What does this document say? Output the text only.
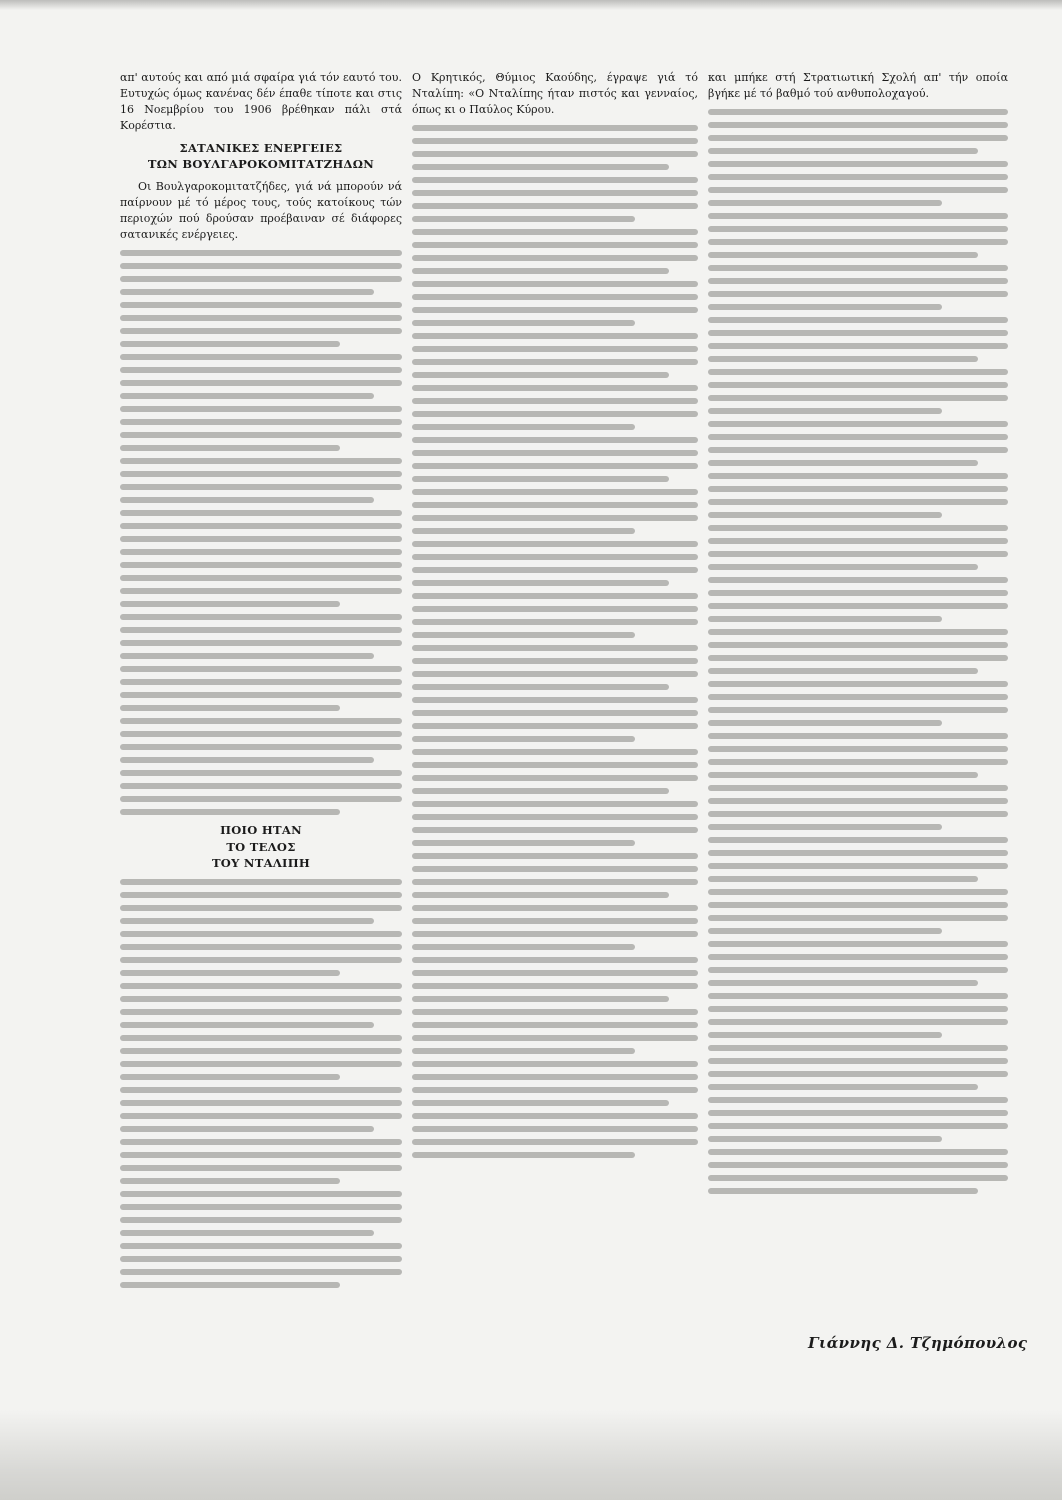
απ' αυτούς και από μιά σφαίρα γιά τόν εαυτό του. Ευτυχώς όμως κανένας δέν έπαθε τίποτε και στις 16 Νοεμβρίου του 1906 βρέθηκαν πάλι στά Κορέστια.

ΣΑΤΑΝΙΚΕΣ ΕΝΕΡΓΕΙΕΣ
ΤΩΝ ΒΟΥΛΓΑΡΟΚΟΜΙΤΑΤΖΗΔΩΝ

Οι Βουλγαροκομιτατζήδες, γιά νά μπορούν νά παίρνουν μέ τό μέρος τους, τούς κατοίκους τών περιοχών πού δρούσαν προέβαιναν σέ διάφορες σατανικές ενέργειες.

ΠΟΙΟ ΗΤΑΝ
ΤΟ ΤΕΛΟΣ
ΤΟΥ ΝΤΑΛΙΠΗ

Ο Κρητικός, Θύμιος Καούδης, έγραψε γιά τό Νταλίπη: «Ο Νταλίπης ήταν πιστός και γενναίος, όπως κι ο Παύλος Κύρου.

και μπήκε στή Στρατιωτική Σχολή απ' τήν οποία βγήκε μέ τό βαθμό τού ανθυπολοχαγού.

Γιάννης Δ. Τζημόπουλος
